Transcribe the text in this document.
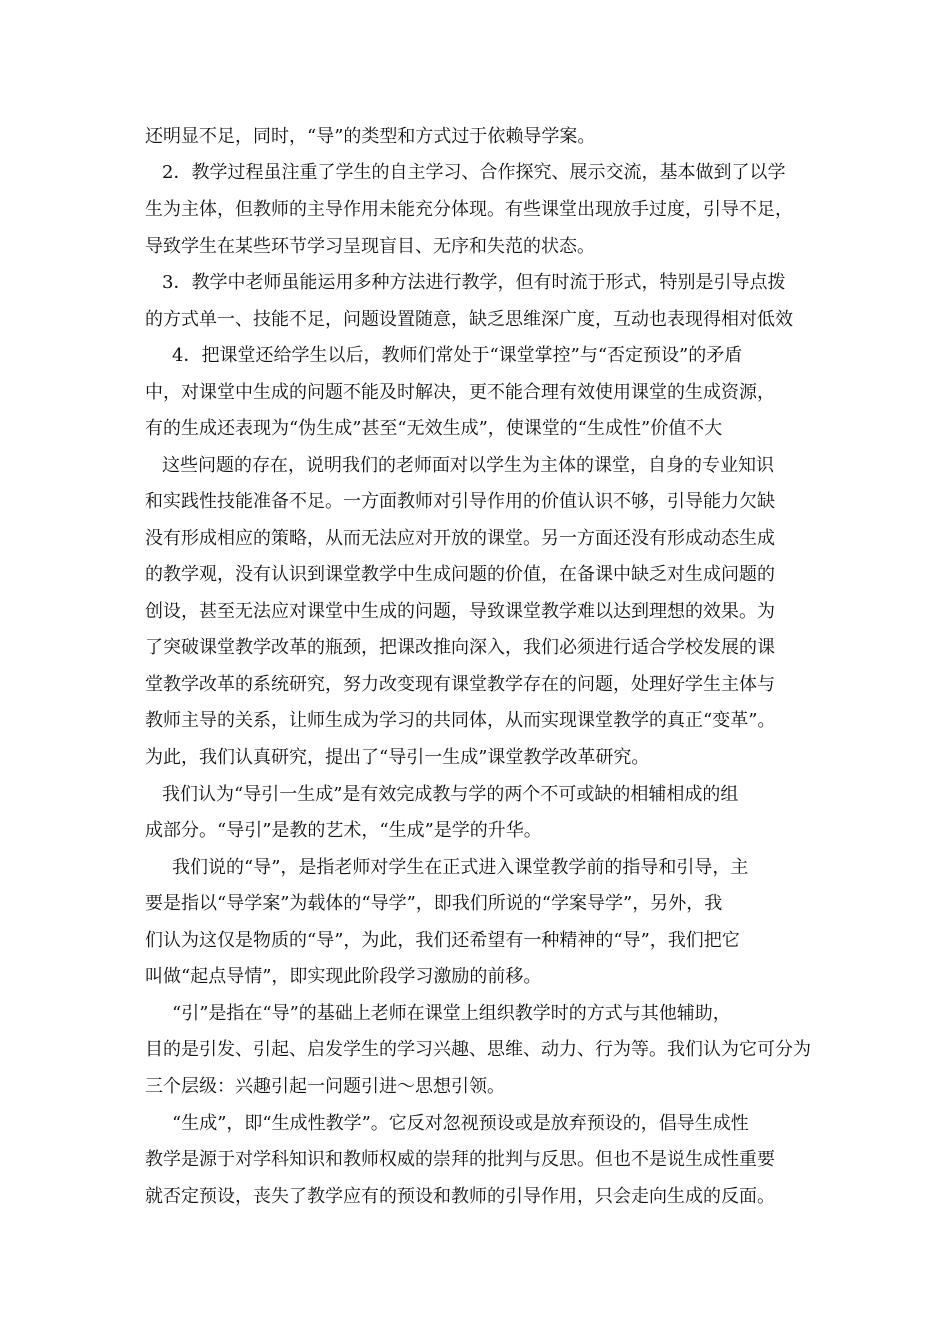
还明显不足，同时，“导”的类型和方式过于依赖导学案。
2．教学过程虽注重了学生的自主学习、合作探究、展示交流，基本做到了以学
生为主体，但教师的主导作用未能充分体现。有些课堂出现放手过度，引导不足，
导致学生在某些环节学习呈现盲目、无序和失范的状态。
3．教学中老师虽能运用多种方法进行教学，但有时流于形式，特别是引导点拨
的方式单一、技能不足，问题设置随意，缺乏思维深广度，互动也表现得相对低效
4．把课堂还给学生以后，教师们常处于“课堂掌控”与“否定预设”的矛盾
中，对课堂中生成的问题不能及时解决，更不能合理有效使用课堂的生成资源，
有的生成还表现为“伪生成”甚至“无效生成”，使课堂的“生成性”价值不大
这些问题的存在，说明我们的老师面对以学生为主体的课堂，自身的专业知识
和实践性技能准备不足。一方面教师对引导作用的价值认识不够，引导能力欠缺
没有形成相应的策略，从而无法应对开放的课堂。另一方面还没有形成动态生成
的教学观，没有认识到课堂教学中生成问题的价值，在备课中缺乏对生成问题的
创设，甚至无法应对课堂中生成的问题，导致课堂教学难以达到理想的效果。为
了突破课堂教学改革的瓶颈，把课改推向深入，我们必须进行适合学校发展的课
堂教学改革的系统研究，努力改变现有课堂教学存在的问题，处理好学生主体与
教师主导的关系，让师生成为学习的共同体，从而实现课堂教学的真正“变革”。
为此，我们认真研究，提出了“导引一生成”课堂教学改革研究。
我们认为“导引一生成”是有效完成教与学的两个不可或缺的相辅相成的组
成部分。“导引”是教的艺术，“生成”是学的升华。
我们说的“导”，是指老师对学生在正式进入课堂教学前的指导和引导，主
要是指以“导学案”为载体的“导学”，即我们所说的“学案导学”，另外，我
们认为这仅是物质的“导”，为此，我们还希望有一种精神的“导”，我们把它
叫做“起点导情”，即实现此阶段学习激励的前移。
“引”是指在“导”的基础上老师在课堂上组织教学时的方式与其他辅助，
目的是引发、引起、启发学生的学习兴趣、思维、动力、行为等。我们认为它可分为
三个层级：兴趣引起一问题引进～思想引领。
“生成”，即“生成性教学”。它反对忽视预设或是放弃预设的，倡导生成性
教学是源于对学科知识和教师权威的崇拜的批判与反思。但也不是说生成性重要
就否定预设，丧失了教学应有的预设和教师的引导作用，只会走向生成的反面。
